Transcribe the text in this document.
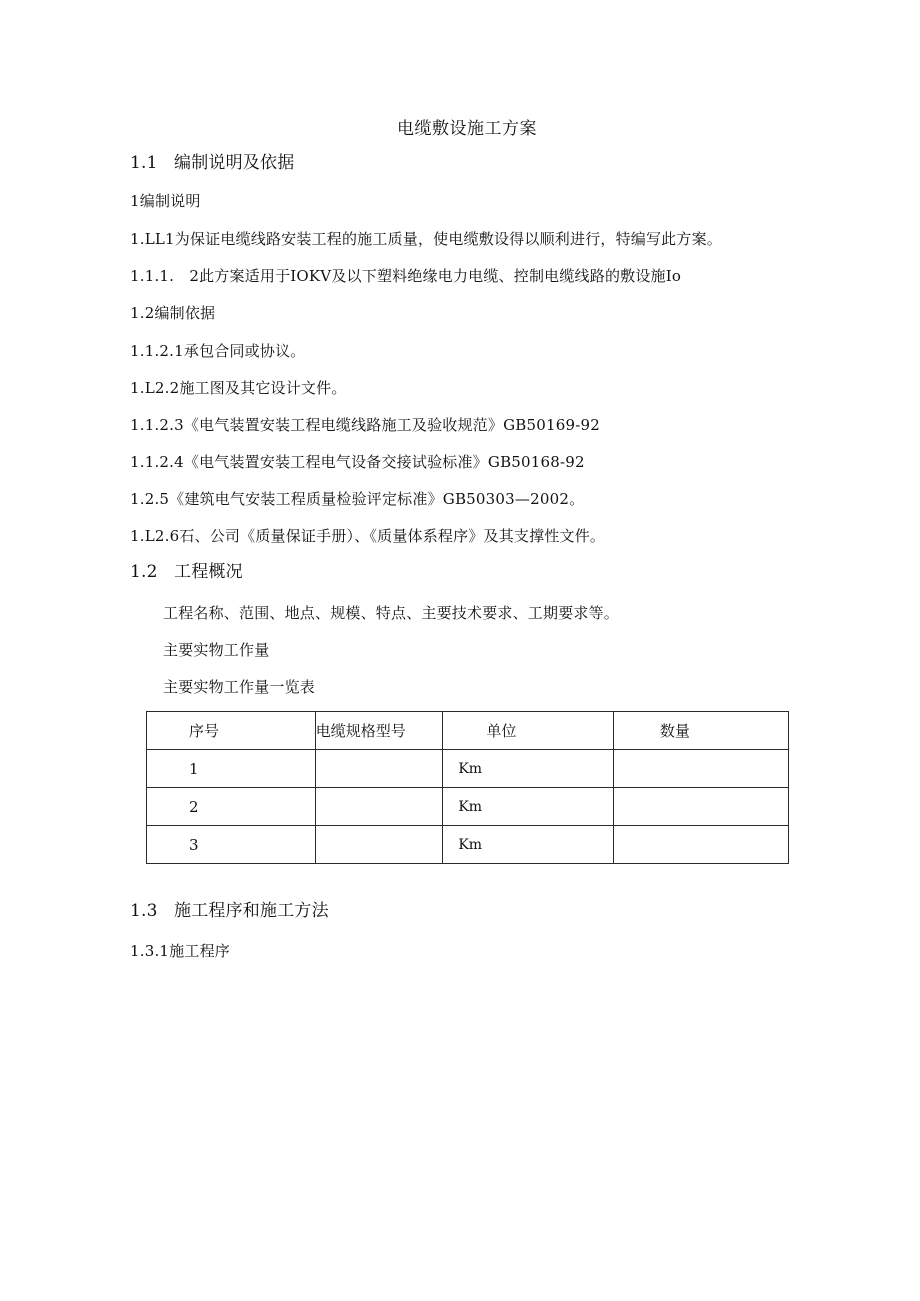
电缆敷设施工方案
1.1 编制说明及依据
1编制说明
1.LL1为保证电缆线路安装工程的施工质量，使电缆敷设得以顺利进行，特编写此方案。
1.1.1.　2此方案适用于IOKV及以下塑料绝缘电力电缆、控制电缆线路的敷设施Io
1.2编制依据
1.1.2.1承包合同或协议。
1.L2.2施工图及其它设计文件。
1.1.2.3《电气装置安装工程电缆线路施工及验收规范》GB50169-92
1.1.2.4《电气装置安装工程电气设备交接试验标准》GB50168-92
1.2.5《建筑电气安装工程质量检验评定标准》GB50303—2002。
1.L2.6石、公司《质量保证手册）、《质量体系程序》及其支撑性文件。
1.2 工程概况
工程名称、范围、地点、规模、特点、主要技术要求、工期要求等。
主要实物工作量
主要实物工作量一览表
序号	电缆规格型号	单位	数量
1		Km	
2		Km	
3		Km	
1.3 施工程序和施工方法
1.3.1施工程序
